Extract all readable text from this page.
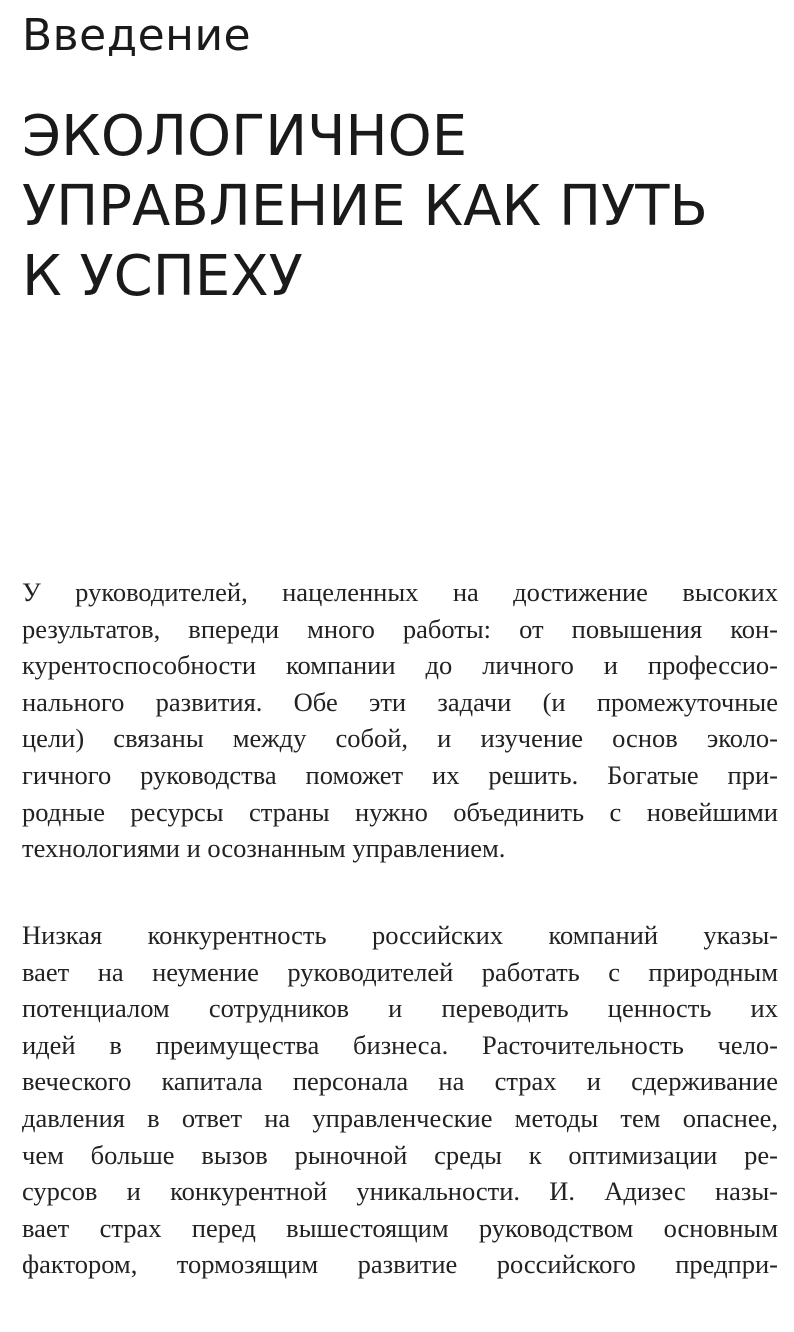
Введение
ЭКОЛОГИЧНОЕ
УПРАВЛЕНИЕ КАК ПУТЬ
К УСПЕХУ

У руководителей, нацеленных на достижение высоких
результатов, впереди много работы: от повышения кон-
курентоспособности компании до личного и профессио-
нального развития. Обе эти задачи (и промежуточные
цели) связаны между собой, и изучение основ эколо-
гичного руководства поможет их решить. Богатые при-
родные ресурсы страны нужно объединить с новейшими
технологиями и осознанным управлением.

Низкая конкурентность российских компаний указы-
вает на неумение руководителей работать с природным
потенциалом сотрудников и переводить ценность их
идей в преимущества бизнеса. Расточительность чело-
веческого капитала персонала на страх и сдерживание
давления в ответ на управленческие методы тем опаснее,
чем больше вызов рыночной среды к оптимизации ре-
сурсов и конкурентной уникальности. И. Адизес назы-
вает страх перед вышестоящим руководством основным
фактором, тормозящим развитие российского предпри-
